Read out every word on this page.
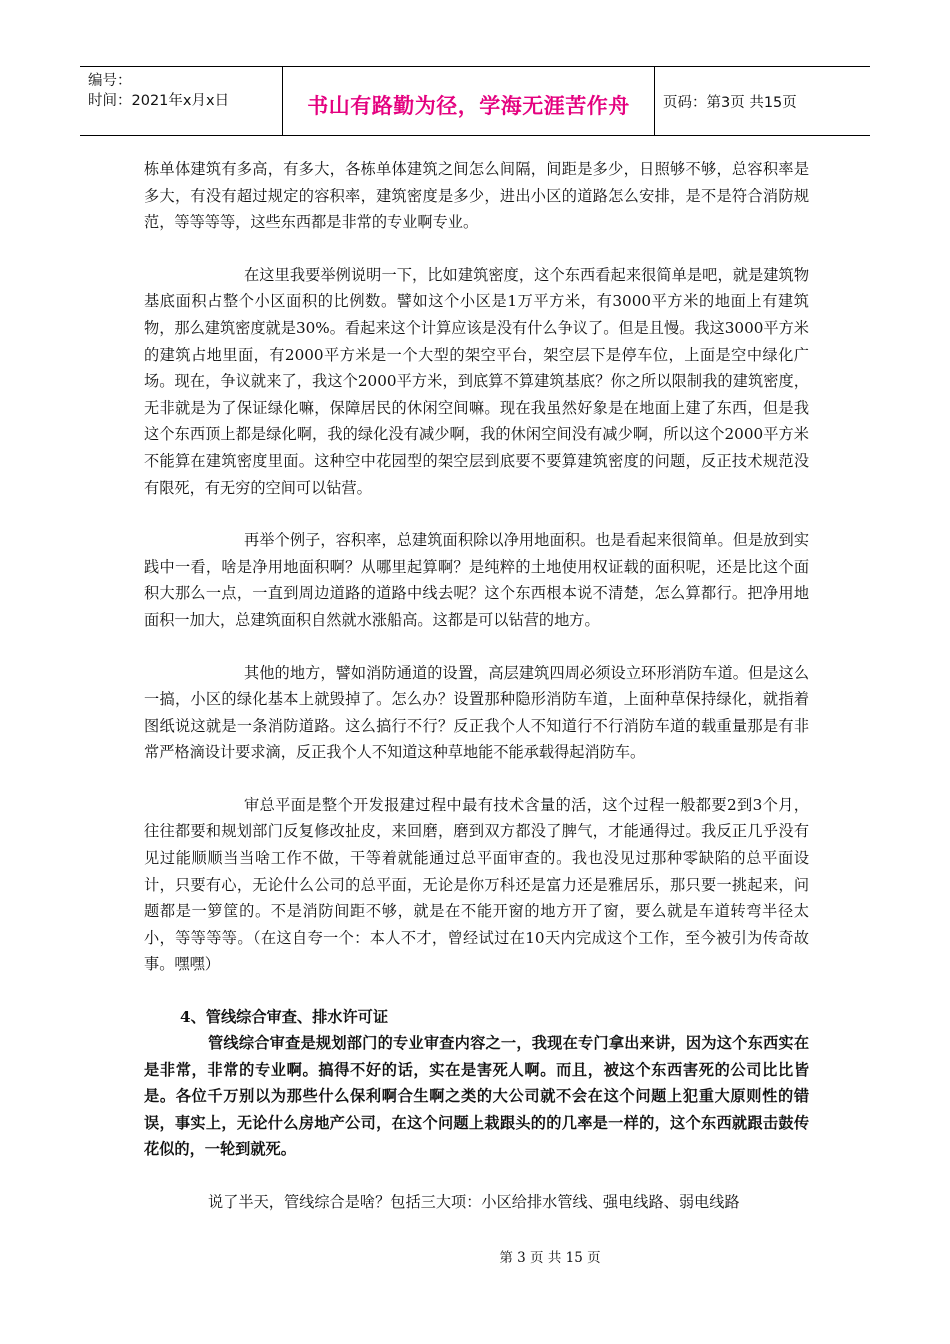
编号：
时间：2021年x月x日	书山有路勤为径，学海无涯苦作舟 页码：第3页 共15页

栋单体建筑有多高，有多大，各栋单体建筑之间怎么间隔，间距是多少，日照够不够，总容积率是多大，有没有超过规定的容积率，建筑密度是多少，进出小区的道路怎么安排，是不是符合消防规范，等等等等，这些东西都是非常的专业啊专业。

在这里我要举例说明一下，比如建筑密度，这个东西看起来很简单是吧，就是建筑物基底面积占整个小区面积的比例数。譬如这个小区是1万平方米，有3000平方米的地面上有建筑物，那么建筑密度就是30%。看起来这个计算应该是没有什么争议了。但是且慢。我这3000平方米的建筑占地里面，有2000平方米是一个大型的架空平台，架空层下是停车位，上面是空中绿化广场。现在，争议就来了，我这个2000平方米，到底算不算建筑基底？你之所以限制我的建筑密度，无非就是为了保证绿化嘛，保障居民的休闲空间嘛。现在我虽然好象是在地面上建了东西，但是我这个东西顶上都是绿化啊，我的绿化没有减少啊，我的休闲空间没有减少啊，所以这个2000平方米不能算在建筑密度里面。这种空中花园型的架空层到底要不要算建筑密度的问题，反正技术规范没有限死，有无穷的空间可以钻营。

再举个例子，容积率，总建筑面积除以净用地面积。也是看起来很简单。但是放到实践中一看，啥是净用地面积啊？从哪里起算啊？是纯粹的土地使用权证载的面积呢，还是比这个面积大那么一点，一直到周边道路的道路中线去呢？这个东西根本说不清楚，怎么算都行。把净用地面积一加大，总建筑面积自然就水涨船高。这都是可以钻营的地方。

其他的地方，譬如消防通道的设置，高层建筑四周必须设立环形消防车道。但是这么一搞，小区的绿化基本上就毁掉了。怎么办？设置那种隐形消防车道，上面种草保持绿化，就指着图纸说这就是一条消防道路。这么搞行不行？反正我个人不知道行不行消防车道的载重量那是有非常严格滴设计要求滴，反正我个人不知道这种草地能不能承载得起消防车。

审总平面是整个开发报建过程中最有技术含量的活，这个过程一般都要2到3个月，往往都要和规划部门反复修改扯皮，来回磨，磨到双方都没了脾气，才能通得过。我反正几乎没有见过能顺顺当当啥工作不做，干等着就能通过总平面审查的。我也没见过那种零缺陷的总平面设计，只要有心，无论什么公司的总平面，无论是你万科还是富力还是雅居乐，那只要一挑起来，问题都是一箩筐的。不是消防间距不够，就是在不能开窗的地方开了窗，要么就是车道转弯半径太小，等等等等。（在这自夸一个：本人不才，曾经试过在10天内完成这个工作，至今被引为传奇故事。嘿嘿）

4、管线综合审查、排水许可证

管线综合审查是规划部门的专业审查内容之一，我现在专门拿出来讲，因为这个东西实在是非常，非常的专业啊。搞得不好的话，实在是害死人啊。而且，被这个东西害死的公司比比皆是。各位千万别以为那些什么保利啊合生啊之类的大公司就不会在这个问题上犯重大原则性的错误，事实上，无论什么房地产公司，在这个问题上栽跟头的的几率是一样的，这个东西就跟击鼓传花似的，一轮到就死。

说了半天，管线综合是啥？包括三大项：小区给排水管线、强电线路、弱电线路

第 3 页 共 15 页
